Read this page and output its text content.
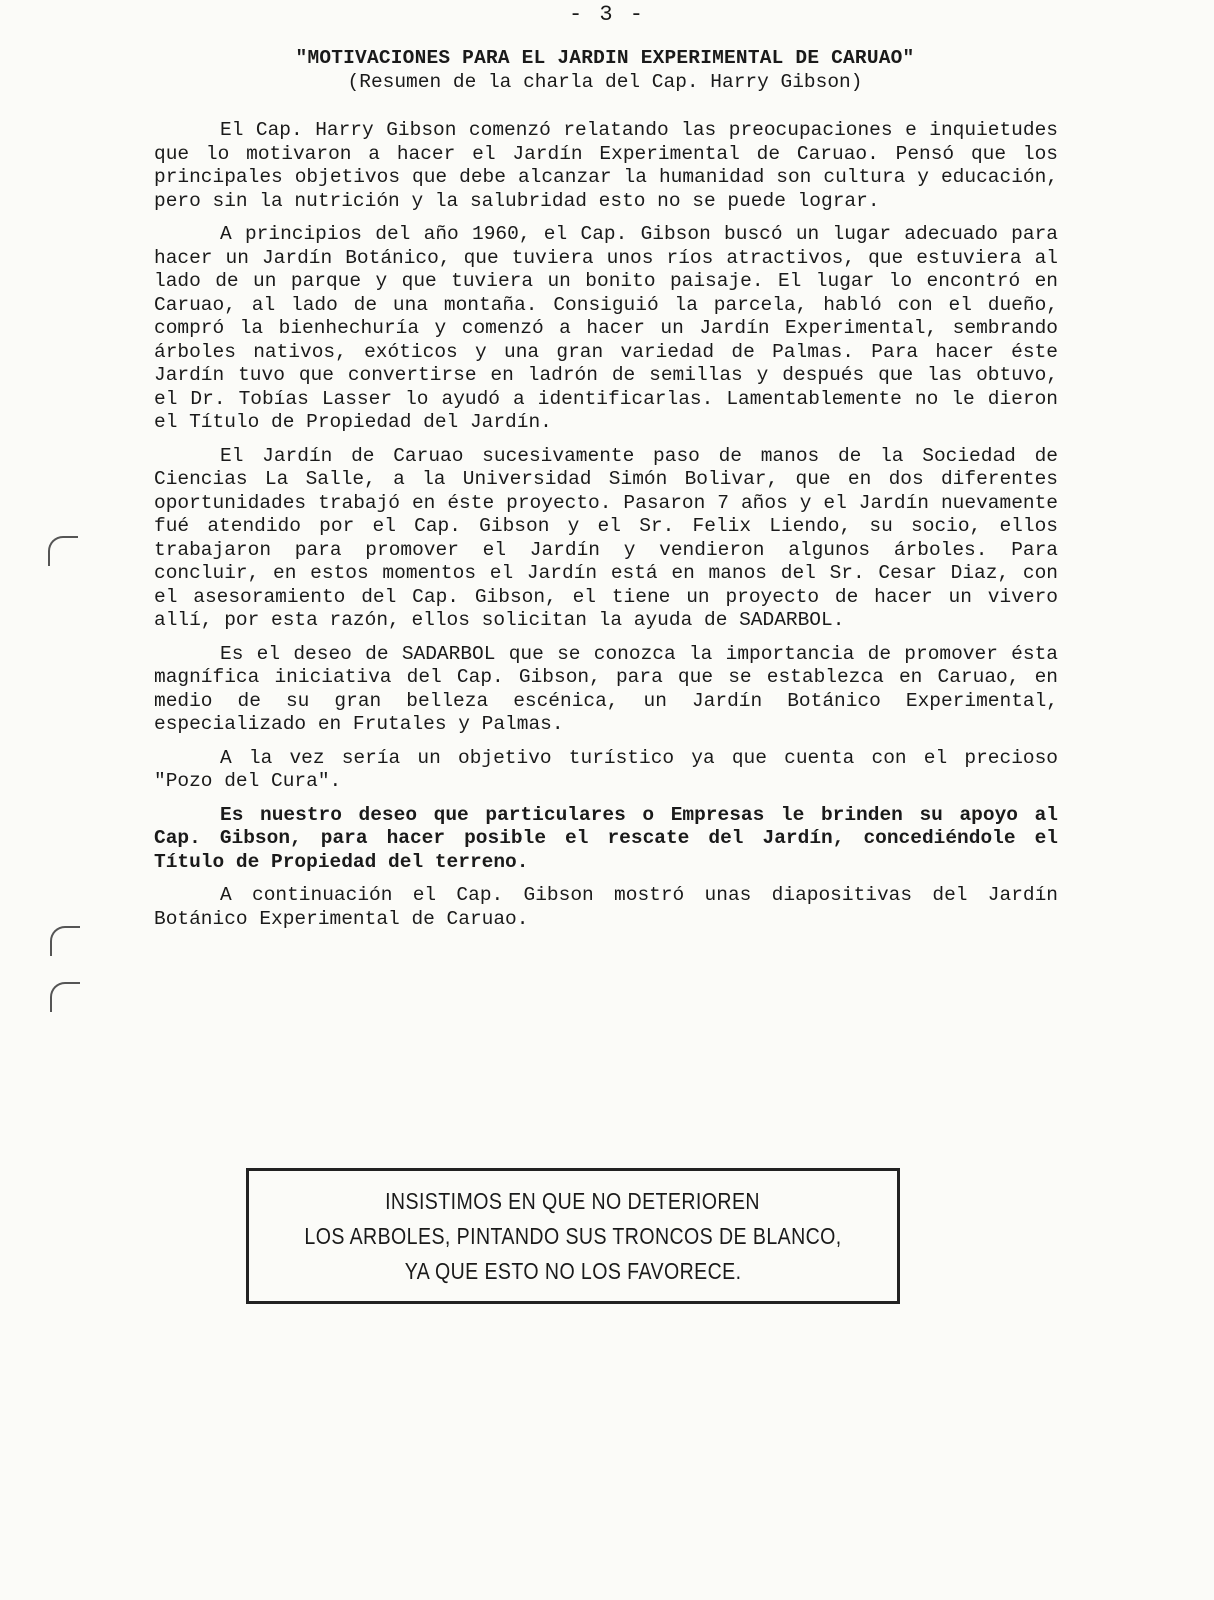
- 3 -
"MOTIVACIONES PARA EL JARDIN EXPERIMENTAL DE CARUAO"
(Resumen de la charla del Cap. Harry Gibson)

El Cap. Harry Gibson comenzó relatando las preocupaciones e inquietudes que lo motivaron a hacer el Jardín Experimental de Caruao. Pensó que los principales objetivos que debe alcanzar la humanidad son cultura y educación, pero sin la nutrición y la salubridad esto no se puede lograr.

A principios del año 1960, el Cap. Gibson buscó un lugar adecuado para hacer un Jardín Botánico, que tuviera unos ríos atractivos, que estuviera al lado de un parque y que tuviera un bonito paisaje. El lugar lo encontró en Caruao, al lado de una montaña. Consiguió la parcela, habló con el dueño, compró la bienhechuría y comenzó a hacer un Jardín Experimental, sembrando árboles nativos, exóticos y una gran variedad de Palmas. Para hacer éste Jardín tuvo que convertirse en ladrón de semillas y después que las obtuvo, el Dr. Tobías Lasser lo ayudó a identificarlas. Lamentablemente no le dieron el Título de Propiedad del Jardín.

El Jardín de Caruao sucesivamente paso de manos de la Sociedad de Ciencias La Salle, a la Universidad Simón Bolivar, que en dos diferentes oportunidades trabajó en éste proyecto. Pasaron 7 años y el Jardín nuevamente fué atendido por el Cap. Gibson y el Sr. Felix Liendo, su socio, ellos trabajaron para promover el Jardín y vendieron algunos árboles. Para concluir, en estos momentos el Jardín está en manos del Sr. Cesar Diaz, con el asesoramiento del Cap. Gibson, el tiene un proyecto de hacer un vivero allí, por esta razón, ellos solicitan la ayuda de SADARBOL.

Es el deseo de SADARBOL que se conozca la importancia de promover ésta magnífica iniciativa del Cap. Gibson, para que se establezca en Caruao, en medio de su gran belleza escénica, un Jardín Botánico Experimental, especializado en Frutales y Palmas.

A la vez sería un objetivo turístico ya que cuenta con el precioso "Pozo del Cura".

Es nuestro deseo que particulares o Empresas le brinden su apoyo al Cap. Gibson, para hacer posible el rescate del Jardín, concediéndole el Título de Propiedad del terreno.

A continuación el Cap. Gibson mostró unas diapositivas del Jardín Botánico Experimental de Caruao.

INSISTIMOS EN QUE NO DETERIOREN
LOS ARBOLES, PINTANDO SUS TRONCOS DE BLANCO,
YA QUE ESTO NO LOS FAVORECE.
